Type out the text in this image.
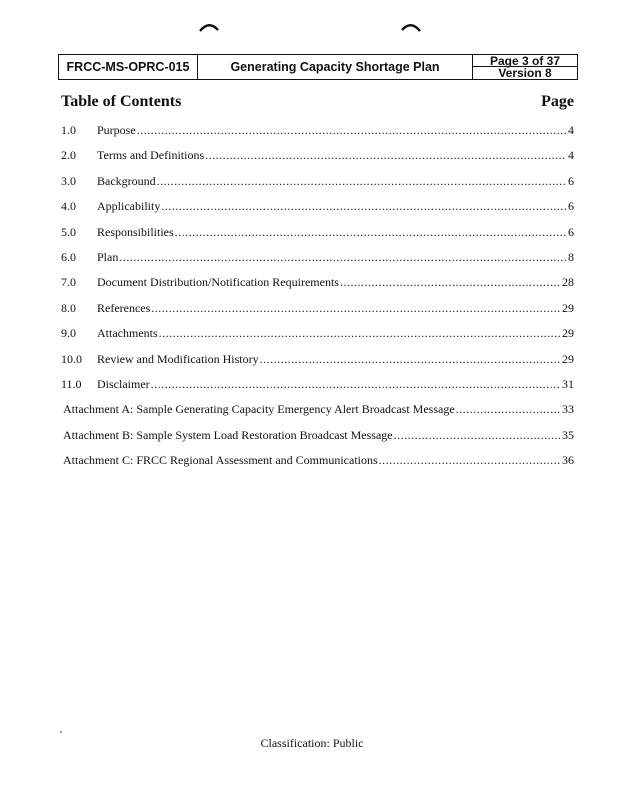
FRCC-MS-OPRC-015	Generating Capacity Shortage Plan	Page 3 of 37
Version 8
Table of Contents	Page
1.0	Purpose .....	4
2.0	Terms and Definitions .....	4
3.0	Background .....	6
4.0	Applicability .....	6
5.0	Responsibilities .....	6
6.0	Plan .....	8
7.0	Document Distribution/Notification Requirements .....	28
8.0	References .....	29
9.0	Attachments .....	29
10.0	Review and Modification History .....	29
11.0	Disclaimer .....	31
Attachment A: Sample Generating Capacity Emergency Alert Broadcast Message .....	33
Attachment B: Sample System Load Restoration Broadcast Message .....	35
Attachment C: FRCC Regional Assessment and Communications .....	36
Classification: Public
